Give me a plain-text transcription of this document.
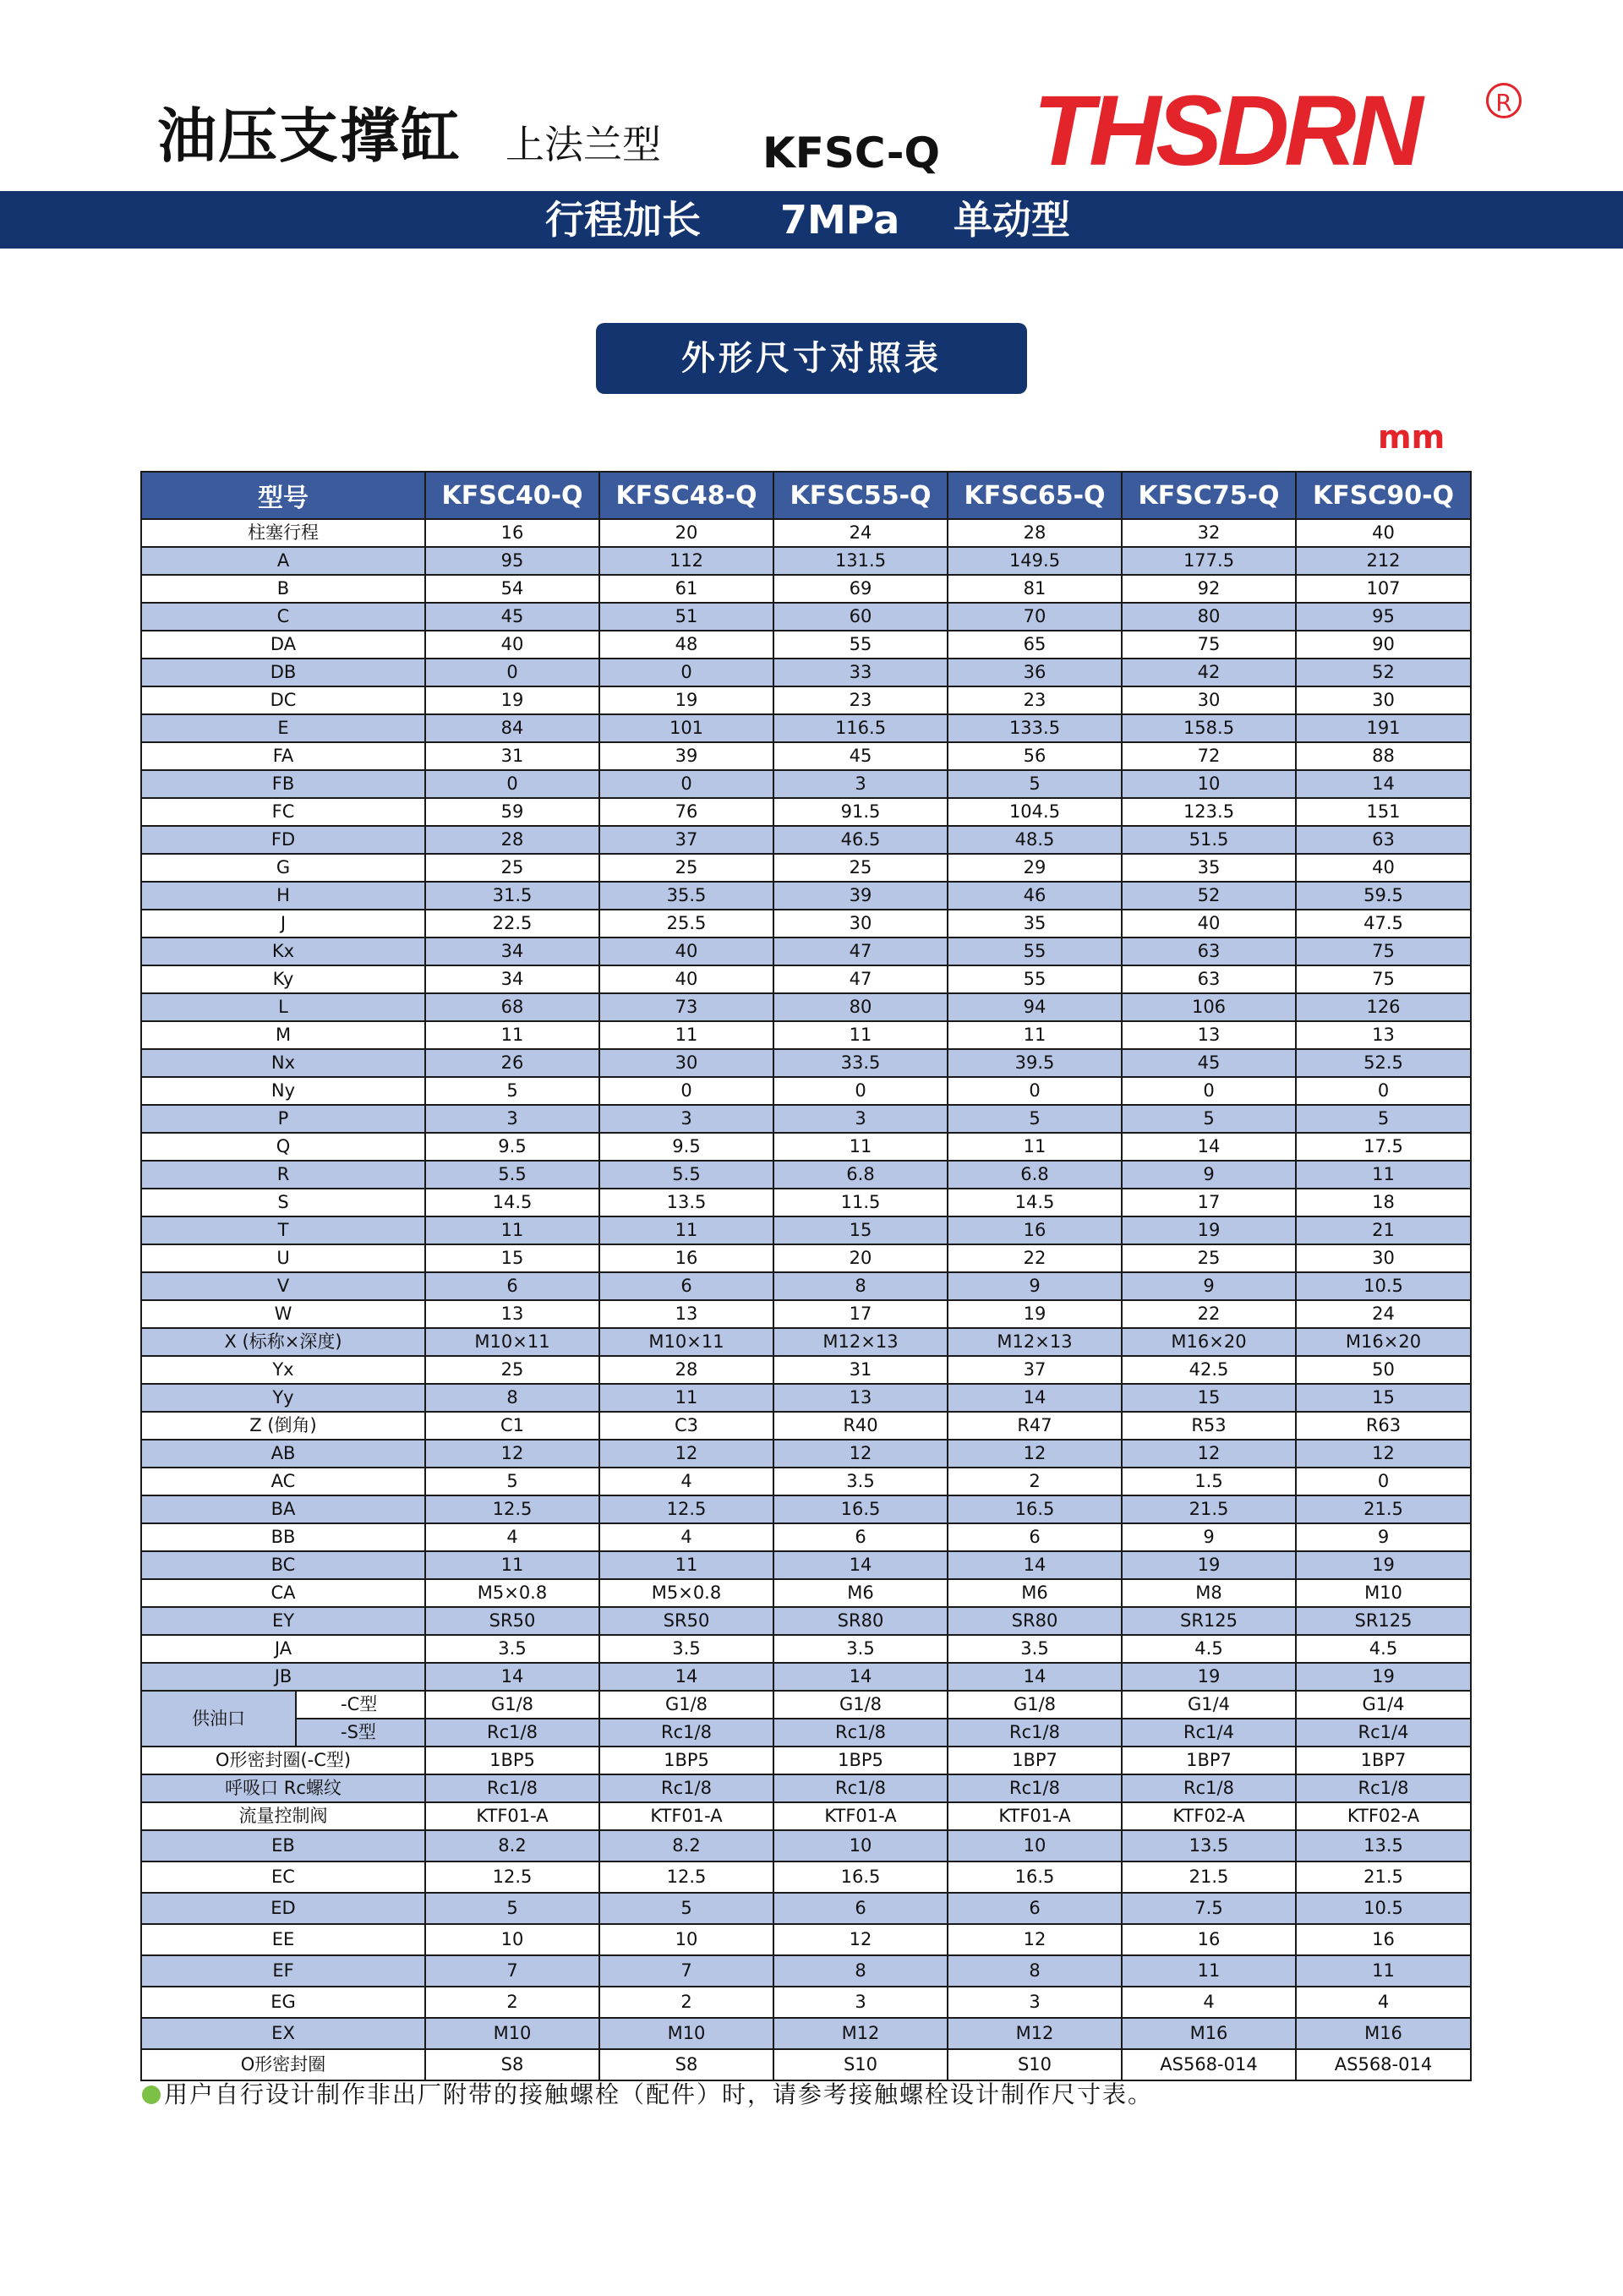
油压支撑缸 上法兰型 KFSC-Q THSDRN	R
行程加长 7MPa 单动型
外形尺寸对照表
mm
型号		KFSC40-Q	KFSC48-Q	KFSC55-Q	KFSC65-Q	KFSC75-Q	KFSC90-Q
柱塞行程		16	20	24	28	32	40
A		95	112	131.5	149.5	177.5	212
B		54	61	69	81	92	107
C		45	51	60	70	80	95
DA		40	48	55	65	75	90
DB		0	0	33	36	42	52
DC		19	19	23	23	30	30
E		84	101	116.5	133.5	158.5	191
FA		31	39	45	56	72	88
FB		0	0	3	5	10	14
FC		59	76	91.5	104.5	123.5	151
FD		28	37	46.5	48.5	51.5	63
G		25	25	25	29	35	40
H		31.5	35.5	39	46	52	59.5
J		22.5	25.5	30	35	40	47.5
Kx		34	40	47	55	63	75
Ky		34	40	47	55	63	75
L		68	73	80	94	106	126
M		11	11	11	11	13	13
Nx		26	30	33.5	39.5	45	52.5
Ny		5	0	0	0	0	0
P		3	3	3	5	5	5
Q		9.5	9.5	11	11	14	17.5
R		5.5	5.5	6.8	6.8	9	11
S		14.5	13.5	11.5	14.5	17	18
T		11	11	15	16	19	21
U		15	16	20	22	25	30
V		6	6	8	9	9	10.5
W		13	13	17	19	22	24
X (标称×深度)		M10×11	M10×11	M12×13	M12×13	M16×20	M16×20
Yx		25	28	31	37	42.5	50
Yy		8	11	13	14	15	15
Z (倒角)		C1	C3	R40	R47	R53	R63
AB		12	12	12	12	12	12
AC		5	4	3.5	2	1.5	0
BA		12.5	12.5	16.5	16.5	21.5	21.5
BB		4	4	6	6	9	9
BC		11	11	14	14	19	19
CA		M5×0.8	M5×0.8	M6	M6	M8	M10
EY		SR50	SR50	SR80	SR80	SR125	SR125
JA		3.5	3.5	3.5	3.5	4.5	4.5
JB		14	14	14	14	19	19
供油口	-C型	G1/8	G1/8	G1/8	G1/8	G1/4	G1/4
	-S型	Rc1/8	Rc1/8	Rc1/8	Rc1/8	Rc1/4	Rc1/4
O形密封圈(-C型)		1BP5	1BP5	1BP5	1BP7	1BP7	1BP7
呼吸口 Rc螺纹		Rc1/8	Rc1/8	Rc1/8	Rc1/8	Rc1/8	Rc1/8
流量控制阀		KTF01-A	KTF01-A	KTF01-A	KTF01-A	KTF02-A	KTF02-A
EB		8.2	8.2	10	10	13.5	13.5
EC		12.5	12.5	16.5	16.5	21.5	21.5
ED		5	5	6	6	7.5	10.5
EE		10	10	12	12	16	16
EF		7	7	8	8	11	11
EG		2	2	3	3	4	4
EX		M10	M10	M12	M12	M16	M16
O形密封圈		S8	S8	S10	S10	AS568-014	AS568-014
用户自行设计制作非出厂附带的接触螺栓（配件）时，请参考接触螺栓设计制作尺寸表。
